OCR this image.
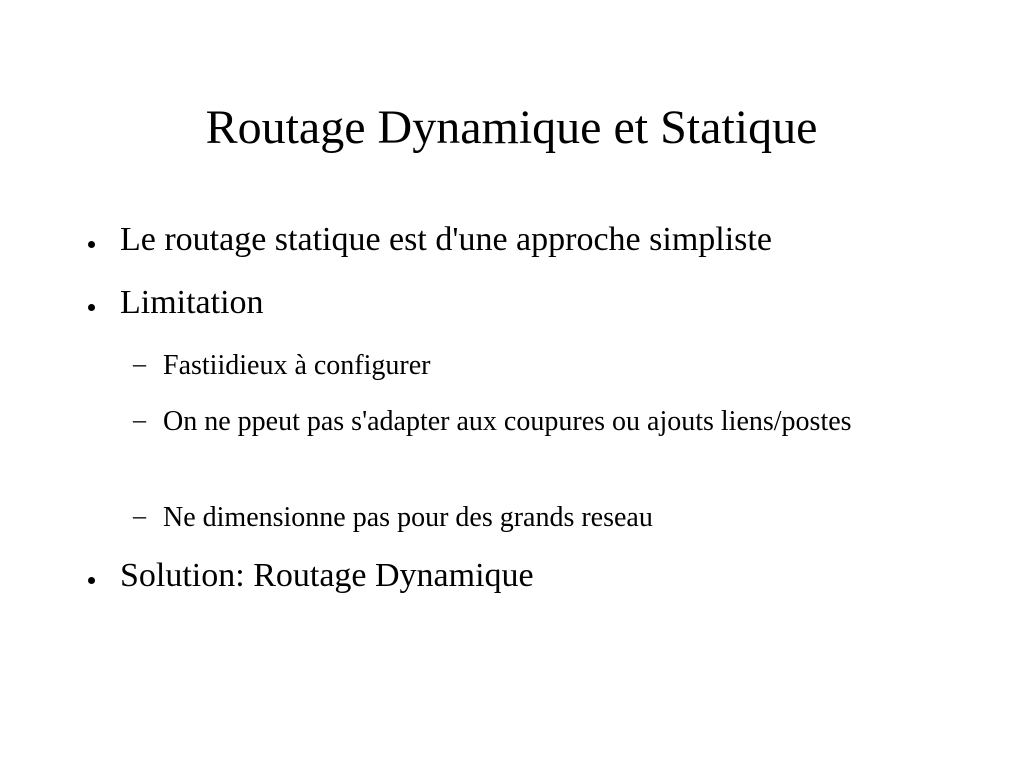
Routage Dynamique et Statique
Le routage statique est d'une approche simpliste
Limitation
– Fastiidieux à configurer
– On ne ppeut pas s'adapter aux coupures ou ajouts liens/postes
– Ne dimensionne pas pour des grands reseau
Solution: Routage Dynamique
